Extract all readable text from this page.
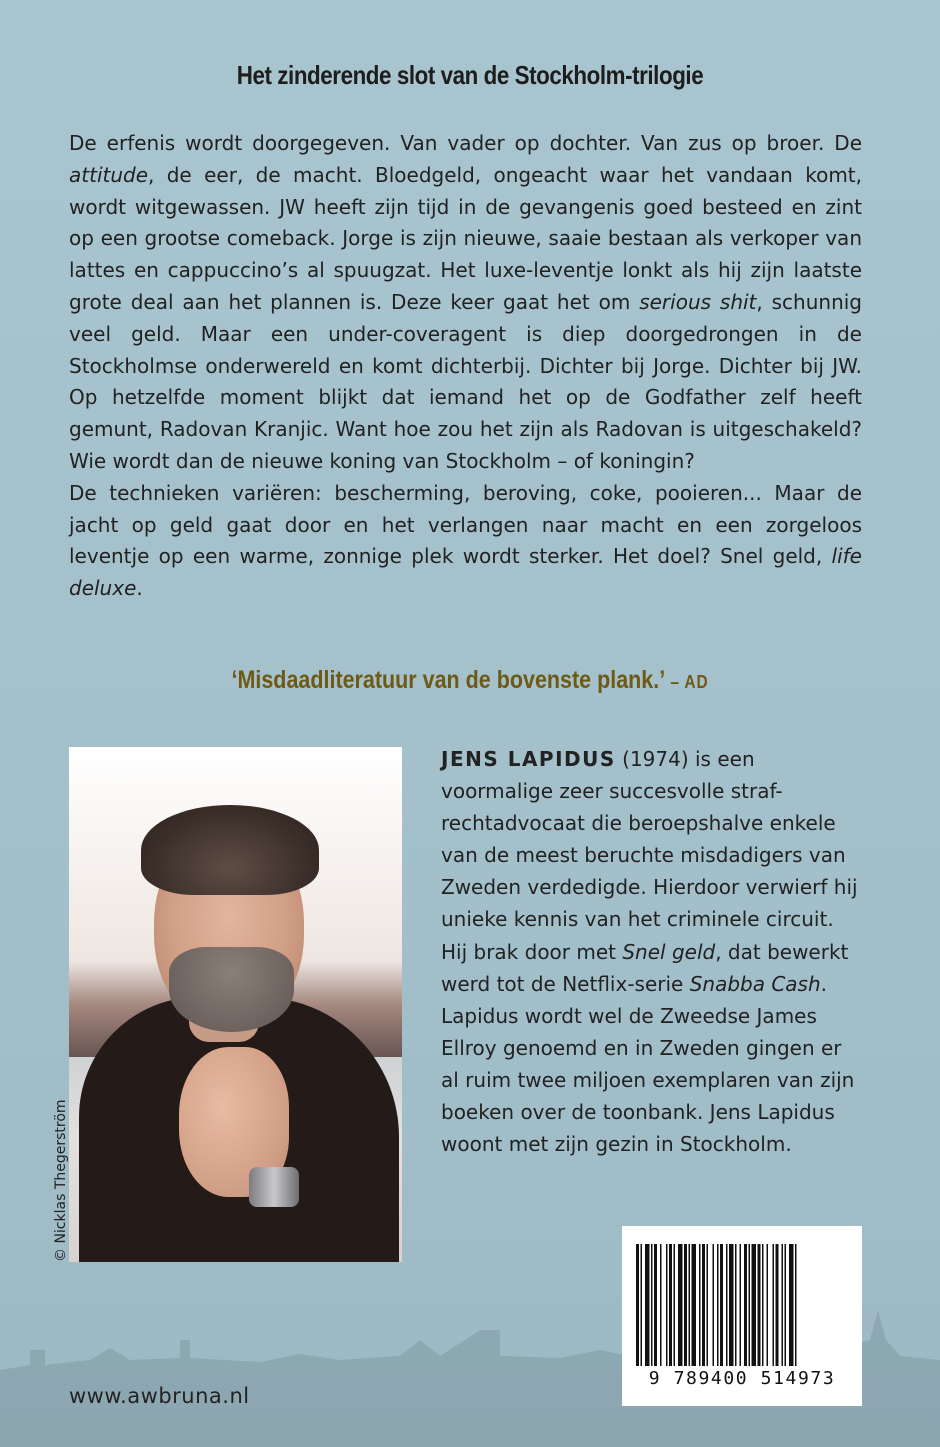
Het zinderende slot van de Stockholm-trilogie

De erfenis wordt doorgegeven. Van vader op dochter. Van zus op broer. De attitude, de eer, de macht. Bloedgeld, ongeacht waar het vandaan komt, wordt witgewassen. JW heeft zijn tijd in de gevangenis goed besteed en zint op een grootse comeback. Jorge is zijn nieuwe, saaie bestaan als verkoper van lattes en cappuccino’s al spuugzat. Het luxe-leventje lonkt als hij zijn laatste grote deal aan het plannen is. Deze keer gaat het om serious shit, schunnig veel geld. Maar een under-coveragent is diep doorgedrongen in de Stockholmse onderwereld en komt dichterbij. Dichter bij Jorge. Dichter bij JW. Op hetzelfde moment blijkt dat iemand het op de Godfather zelf heeft gemunt, Radovan Kranjic. Want hoe zou het zijn als Radovan is uitgeschakeld? Wie wordt dan de nieuwe koning van Stockholm – of koningin?

De technieken variëren: bescherming, beroving, coke, pooieren... Maar de jacht op geld gaat door en het verlangen naar macht en een zorgeloos leventje op een warme, zonnige plek wordt sterker. Het doel? Snel geld, life deluxe.

‘Misdaadliteratuur van de bovenste plank.’ – AD
© Nicklas Thegerström

JENS LAPIDUS (1974) is een voormalige zeer succesvolle straf-rechtadvocaat die beroepshalve enkele van de meest beruchte misdadigers van Zweden verdedigde. Hierdoor verwierf hij unieke kennis van het criminele circuit. Hij brak door met Snel geld, dat bewerkt werd tot de Netflix-serie Snabba Cash. Lapidus wordt wel de Zweedse James Ellroy genoemd en in Zweden gingen er al ruim twee miljoen exemplaren van zijn boeken over de toonbank. Jens Lapidus woont met zijn gezin in Stockholm.

www.awbruna.nl
9 789400 514973
